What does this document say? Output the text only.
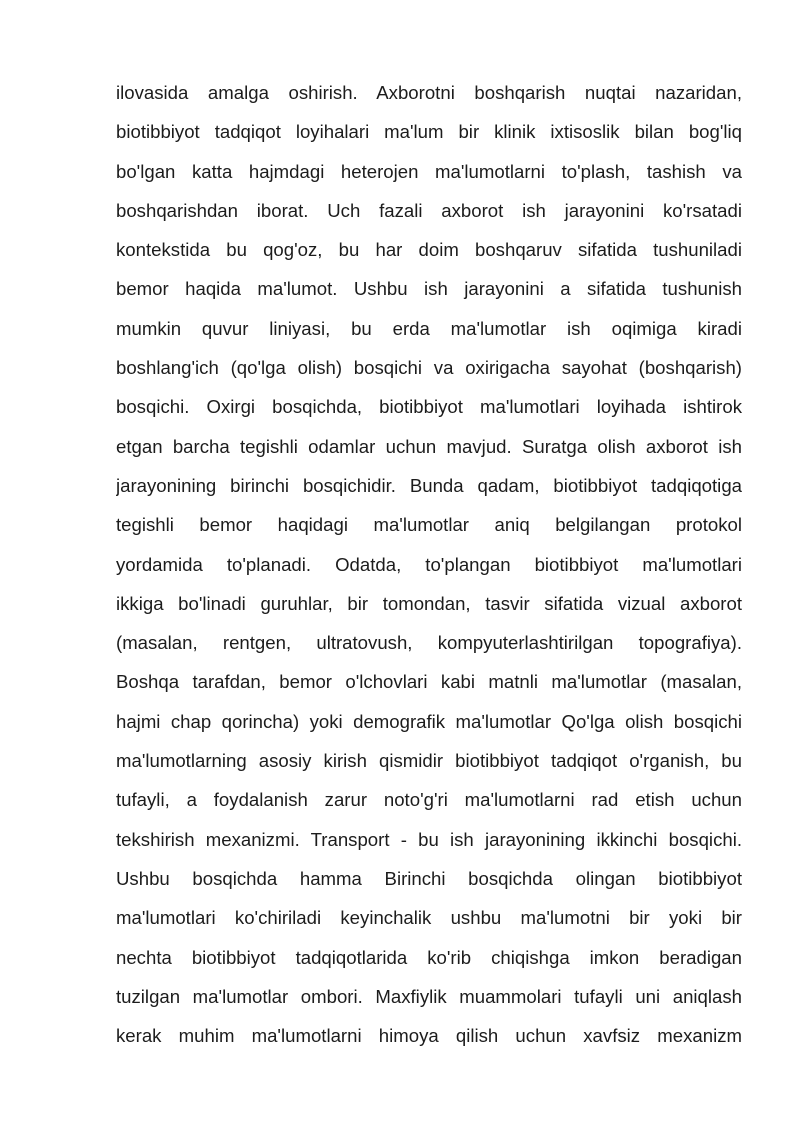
ilovasida amalga oshirish. Axborotni boshqarish nuqtai nazaridan,
biotibbiyot tadqiqot loyihalari ma'lum bir klinik ixtisoslik bilan bog'liq
bo'lgan katta hajmdagi heterojen ma'lumotlarni to'plash, tashish va
boshqarishdan iborat. Uch fazali axborot ish jarayonini ko'rsatadi
kontekstida bu qog'oz, bu har doim boshqaruv sifatida tushuniladi
bemor haqida ma'lumot. Ushbu ish jarayonini a sifatida tushunish
mumkin quvur liniyasi, bu erda ma'lumotlar ish oqimiga kiradi
boshlang'ich (qo'lga olish) bosqichi va oxirigacha sayohat (boshqarish)
bosqichi. Oxirgi bosqichda, biotibbiyot ma'lumotlari loyihada ishtirok
etgan barcha tegishli odamlar uchun mavjud. Suratga olish axborot ish
jarayonining birinchi bosqichidir. Bunda qadam, biotibbiyot tadqiqotiga
tegishli bemor haqidagi ma'lumotlar aniq belgilangan protokol
yordamida to'planadi. Odatda, to'plangan biotibbiyot ma'lumotlari
ikkiga bo'linadi guruhlar, bir tomondan, tasvir sifatida vizual axborot
(masalan, rentgen, ultratovush, kompyuterlashtirilgan topografiya).
Boshqa tarafdan, bemor o'lchovlari kabi matnli ma'lumotlar (masalan,
hajmi chap qorincha) yoki demografik ma'lumotlar Qo'lga olish bosqichi
ma'lumotlarning asosiy kirish qismidir biotibbiyot tadqiqot o'rganish, bu
tufayli, a foydalanish zarur noto'g'ri ma'lumotlarni rad etish uchun
tekshirish mexanizmi. Transport - bu ish jarayonining ikkinchi bosqichi.
Ushbu bosqichda hamma Birinchi bosqichda olingan biotibbiyot
ma'lumotlari ko'chiriladi keyinchalik ushbu ma'lumotni bir yoki bir
nechta biotibbiyot tadqiqotlarida ko'rib chiqishga imkon beradigan
tuzilgan ma'lumotlar ombori. Maxfiylik muammolari tufayli uni aniqlash
kerak muhim ma'lumotlarni himoya qilish uchun xavfsiz mexanizm
